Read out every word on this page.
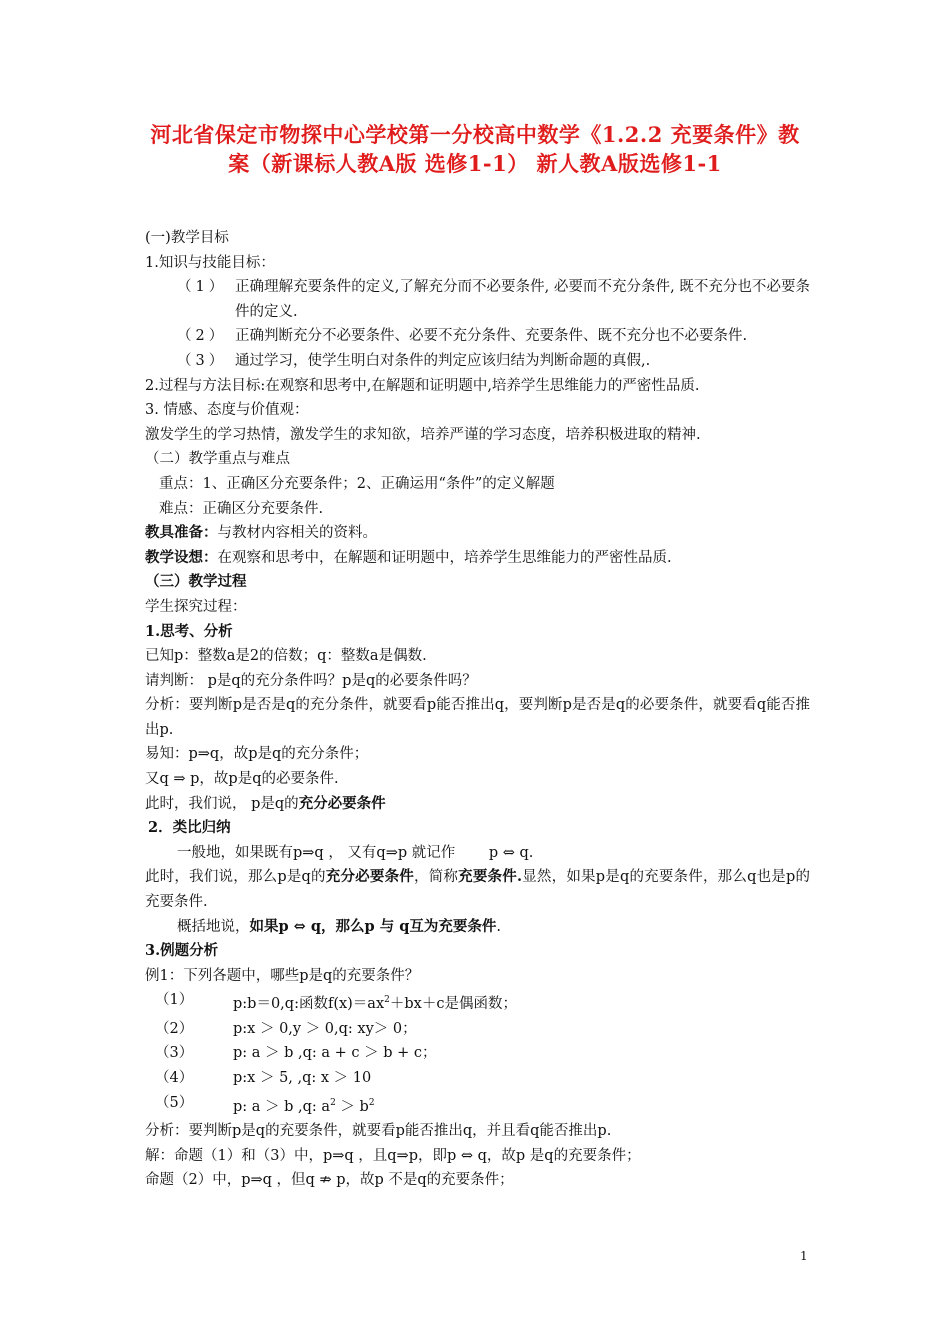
河北省保定市物探中心学校第一分校高中数学《1.2.2 充要条件》教
案（新课标人教A版 选修1-1） 新人教A版选修1-1
(一)教学目标
1.知识与技能目标：
（1） 正确理解充要条件的定义,了解充分而不必要条件, 必要而不充分条件, 既不充分也不必要条件的定义.
（2） 正确判断充分不必要条件、必要不充分条件、充要条件、既不充分也不必要条件.
（3） 通过学习，使学生明白对条件的判定应该归结为判断命题的真假,.
2.过程与方法目标:在观察和思考中,在解题和证明题中,培养学生思维能力的严密性品质.
3. 情感、态度与价值观：
激发学生的学习热情，激发学生的求知欲，培养严谨的学习态度，培养积极进取的精神.
（二）教学重点与难点
重点：1、正确区分充要条件；2、正确运用“条件”的定义解题
难点：正确区分充要条件.
教具准备：与教材内容相关的资料。
教学设想：在观察和思考中，在解题和证明题中，培养学生思维能力的严密性品质.
（三）教学过程
学生探究过程：
1.思考、分析
已知p：整数a是2的倍数；q：整数a是偶数.
请判断： p是q的充分条件吗？p是q的必要条件吗？
分析：要判断p是否是q的充分条件，就要看p能否推出q，要判断p是否是q的必要条件，就要看q能否推出p.
易知：p⇒q，故p是q的充分条件；
又q ⇒ p，故p是q的必要条件.
此时，我们说， p是q的充分必要条件
2．类比归纳
一般地，如果既有p⇒q ， 又有q⇒p 就记作　　 p ⇔ q.
此时，我们说，那么p是q的充分必要条件，简称充要条件.显然，如果p是q的充要条件，那么q也是p的充要条件.
概括地说，如果p ⇔ q，那么p 与 q互为充要条件.
3.例题分析
例1：下列各题中，哪些p是q的充要条件？
（1）	p:b＝0,q:函数$f(x)=ax^2+bx+c$是偶函数；
（2）	p:x ＞ 0,y ＞ 0,q: xy＞ 0；
（3）	p: a ＞ b ,q: a + c ＞ b + c；
（4）	p:x ＞ 5, ,q: x ＞ 10
（5）	p: a ＞ b ,q: $a^2 > b^2$
分析：要判断p是q的充要条件，就要看p能否推出q，并且看q能否推出p.
解：命题（1）和（3）中，p⇒q ，且q⇒p，即p ⇔ q，故p 是q的充要条件；
命题（2）中，p⇒q ，但q ⇏ p，故p 不是q的充要条件；
1
